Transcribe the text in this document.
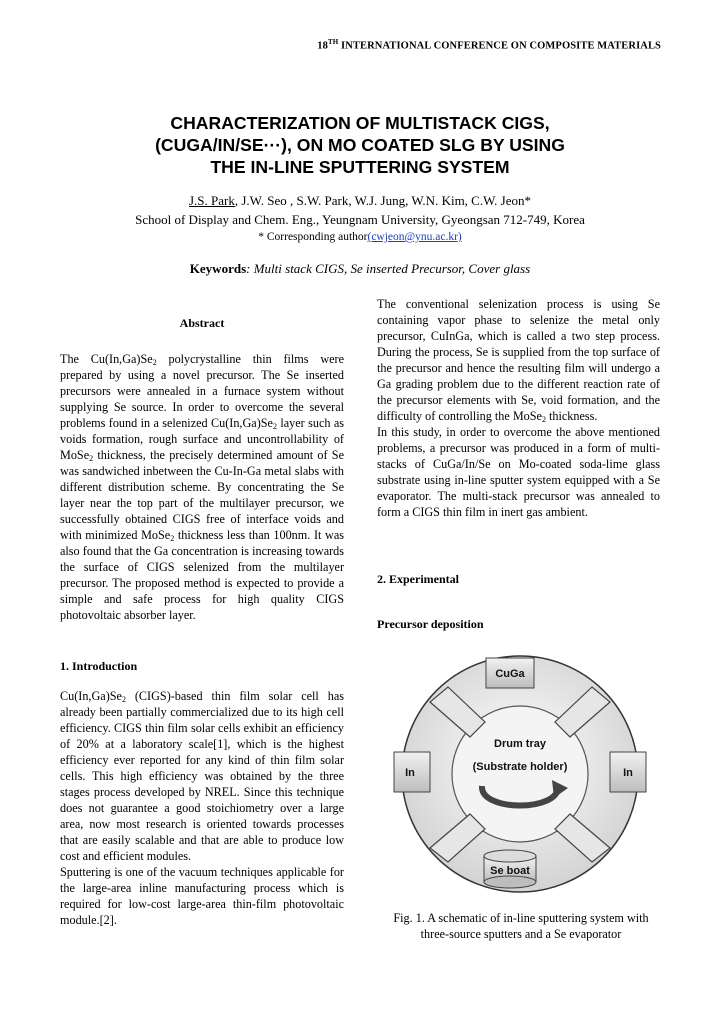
18TH INTERNATIONAL CONFERENCE ON COMPOSITE MATERIALS
CHARACTERIZATION OF MULTISTACK CIGS,
(CUGA/IN/SE···), ON MO COATED SLG BY USING
THE IN-LINE SPUTTERING SYSTEM
J.S. Park, J.W. Seo , S.W. Park, W.J. Jung, W.N. Kim, C.W. Jeon*
School of Display and Chem. Eng., Yeungnam University, Gyeongsan 712-749, Korea
* Corresponding author(cwjeon@ynu.ac.kr)
Keywords: Multi stack CIGS, Se inserted Precursor, Cover glass
Abstract

The $Cu(In,Ga)Se_2$ polycrystalline thin films were prepared by using a novel precursor. The Se inserted precursors were annealed in a furnace system without supplying Se source. In order to overcome the several problems found in a selenized $Cu(In,Ga)Se_2$ layer such as voids formation, rough surface and uncontrollability of MoSe$_2$ thickness, the precisely determined amount of Se was sandwiched inbetween the Cu-In-Ga metal slabs with different distribution scheme. By concentrating the Se layer near the top part of the multilayer precursor, we successfully obtained CIGS free of interface voids and with minimized MoSe$_2$ thickness less than 100nm. It was also found that the Ga concentration is increasing towards the surface of CIGS selenized from the multilayer precursor. The proposed method is expected to provide a simple and safe process for high quality CIGS photovoltaic absorber layer.

1. Introduction

$Cu(In,Ga)Se_2$ (CIGS)-based thin film solar cell has already been partially commercialized due to its high cell efficiency. CIGS thin film solar cells exhibit an efficiency of 20% at a laboratory scale[1], which is the highest efficiency ever reported for any kind of thin film solar cells. This high efficiency was obtained by the three stages process developed by NREL. Since this technique does not guarantee a good stoichiometry over a large area, now most research is oriented towards processes that are easily scalable and that are able to produce low cost and efficient modules.

Sputtering is one of the vacuum techniques applicable for the large-area inline manufacturing process which is required for low-cost large-area thin-film photovoltaic module.[2].

The conventional selenization process is using Se containing vapor phase to selenize the metal only precursor, CuInGa, which is called a two step process. During the process, Se is supplied from the top surface of the precursor and hence the resulting film will undergo a Ga grading problem due to the different reaction rate of the precursor elements with Se, void formation, and the difficulty of controlling the MoSe$_2$ thickness.

In this study, in order to overcome the above mentioned problems, a precursor was produced in a form of multi-stacks of CuGa/In/Se on Mo-coated soda-lime glass substrate using in-line sputter system equipped with a Se evaporator. The multi-stack precursor was annealed to form a CIGS thin film in inert gas ambient.

2. Experimental
Precursor deposition
CuGa
In	In
Drum tray
(Substrate holder)
Se boat
Fig. 1. A schematic of in-line sputtering system with
three-source sputters and a Se evaporator
